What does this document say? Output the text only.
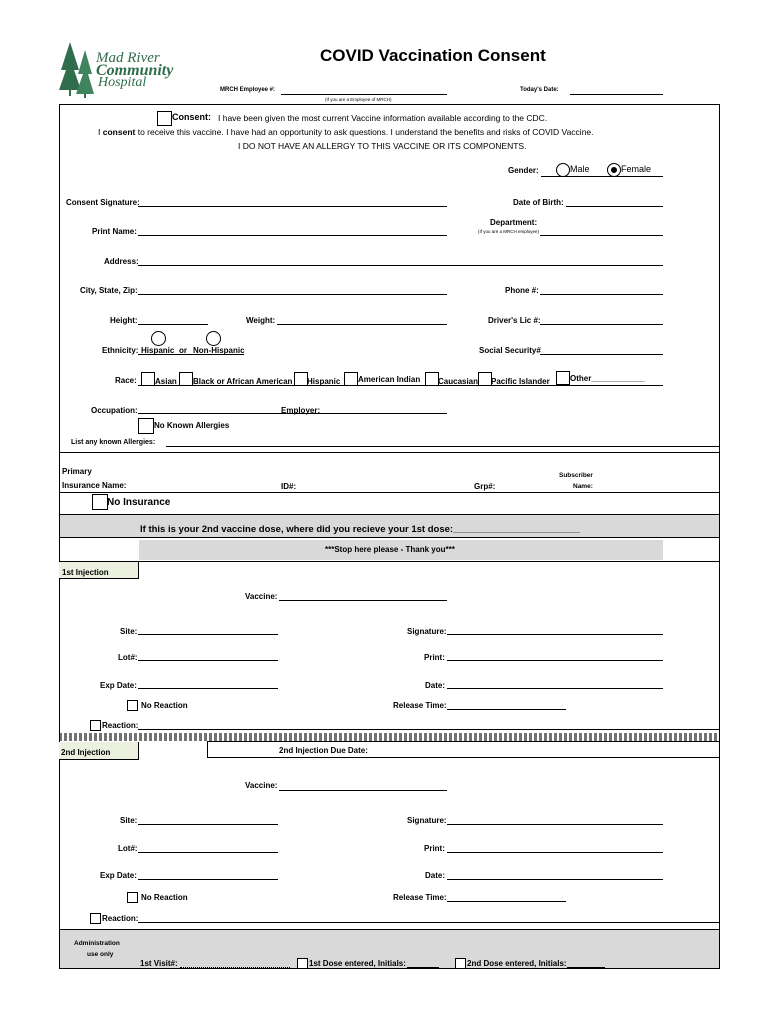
Mad River
Community
Hospital
COVID Vaccination Consent
MRCH Employee #:
(If you are a Employee of MRCH)
Today's Date:
Consent: I have been given the most current Vaccine information available according to the CDC.
I consent to receive this vaccine. I have had an opportunity to ask questions. I understand the benefits and risks of COVID Vaccine.
I DO NOT HAVE AN ALLERGY TO THIS VACCINE OR ITS COMPONENTS.
Gender:	Male	Female
Consent Signature:	Date of Birth:
Department:
(If you are a MRCH employee)
Print Name:
Address:
City, State, Zip:	Phone #:
Height:	Weight:	Driver's Lic #:
Ethnicity: Hispanic or Non-Hispanic	Social Security#
Race: Asian Black or African American Hispanic American Indian Caucasian Pacific Islander	Other____________
Occupation:	Employer:
No Known Allergies
List any known Allergies:
Primary
Insurance Name:	ID#:	Grp#:
Subscriber
Name:
No Insurance
If this is your 2nd vaccine dose, where did you recieve your 1st dose:________________________
***Stop here please - Thank you***
1st Injection
Vaccine:
Site:	Signature:
Lot#:	Print:
Exp Date:	Date:
No Reaction	Release Time:
Reaction:
2nd Injection	2nd Injection Due Date:
Vaccine:
Site:	Signature:
Lot#:	Print:
Exp Date:	Date:
No Reaction	Release Time:
Reaction:
Administration
use only
1st Visit#:	1st Dose entered, Initials:	2nd Dose entered, Initials:
